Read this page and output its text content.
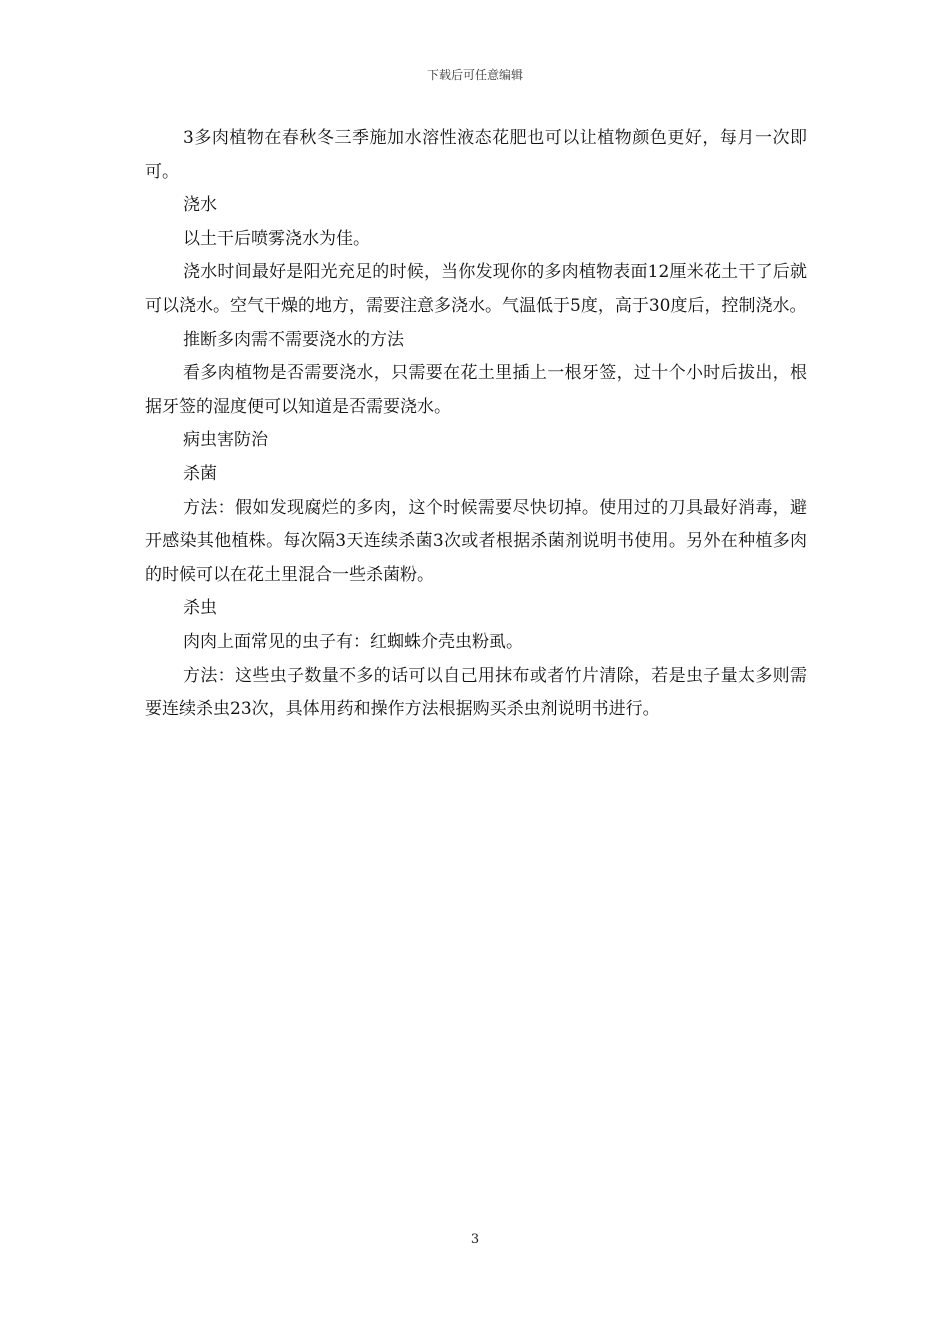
下载后可任意编辑

3多肉植物在春秋冬三季施加水溶性液态花肥也可以让植物颜色更好，每月一次即可。

浇水

以土干后喷雾浇水为佳。

浇水时间最好是阳光充足的时候，当你发现你的多肉植物表面12厘米花土干了后就可以浇水。空气干燥的地方，需要注意多浇水。气温低于5度，高于30度后，控制浇水。

推断多肉需不需要浇水的方法

看多肉植物是否需要浇水，只需要在花土里插上一根牙签，过十个小时后拔出，根据牙签的湿度便可以知道是否需要浇水。

病虫害防治

杀菌

方法：假如发现腐烂的多肉，这个时候需要尽快切掉。使用过的刀具最好消毒，避开感染其他植株。每次隔3天连续杀菌3次或者根据杀菌剂说明书使用。另外在种植多肉的时候可以在花土里混合一些杀菌粉。

杀虫

肉肉上面常见的虫子有：红蜘蛛介壳虫粉虱。

方法：这些虫子数量不多的话可以自己用抹布或者竹片清除，若是虫子量太多则需要连续杀虫23次，具体用药和操作方法根据购买杀虫剂说明书进行。

3
